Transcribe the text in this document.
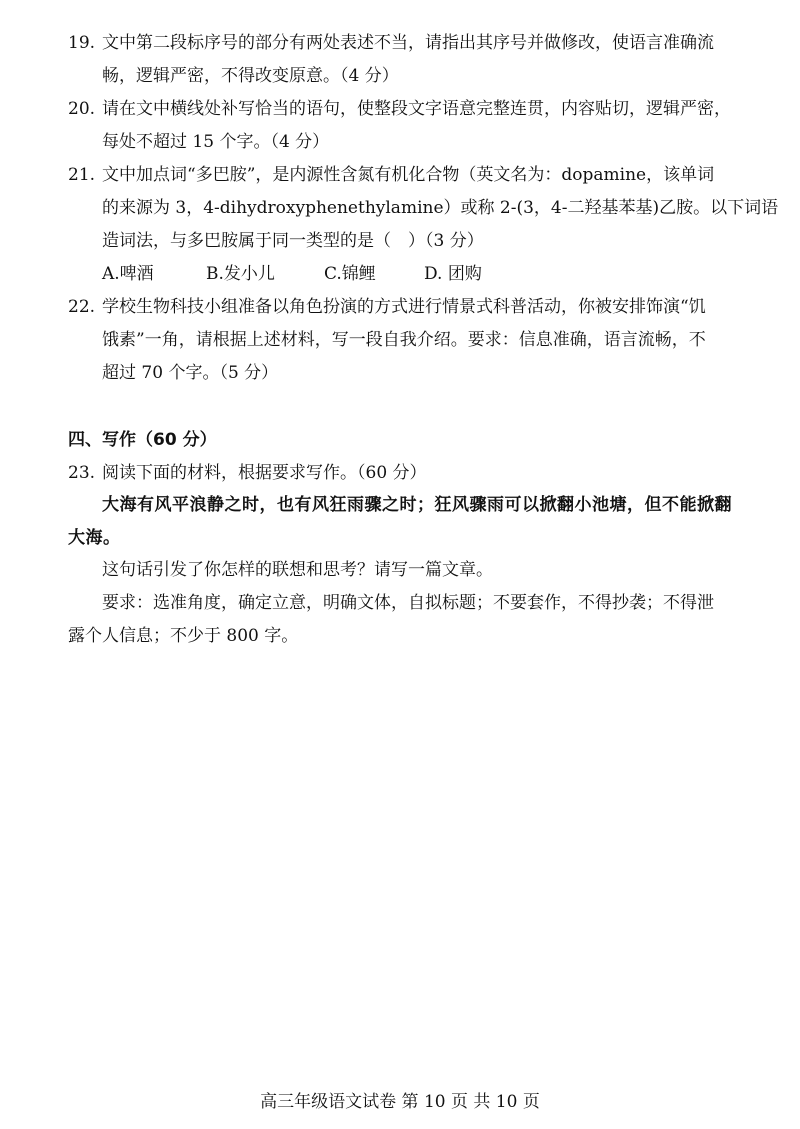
19. 文中第二段标序号的部分有两处表述不当，请指出其序号并做修改，使语言准确流
畅，逻辑严密，不得改变原意。（4 分）
20. 请在文中横线处补写恰当的语句，使整段文字语意完整连贯，内容贴切，逻辑严密，
每处不超过 15 个字。（4 分）
21. 文中加点词“多巴胺”，是内源性含氮有机化合物（英文名为：dopamine，该单词
的来源为 3，4-dihydroxyphenethylamine）或称 2-(3，4-二羟基苯基)乙胺。以下词语
造词法，与多巴胺属于同一类型的是（　）（3 分）
A.啤酒	B.发小儿	C.锦鲤	D. 团购
22. 学校生物科技小组准备以角色扮演的方式进行情景式科普活动，你被安排饰演“饥
饿素”一角，请根据上述材料，写一段自我介绍。要求：信息准确，语言流畅，不
超过 70 个字。（5 分）
四、写作（60 分）
23. 阅读下面的材料，根据要求写作。（60 分）
大海有风平浪静之时，也有风狂雨骤之时；狂风骤雨可以掀翻小池塘，但不能掀翻
大海。
这句话引发了你怎样的联想和思考？请写一篇文章。
要求：选准角度，确定立意，明确文体，自拟标题；不要套作，不得抄袭；不得泄
露个人信息；不少于 800 字。
高三年级语文试卷 第 10 页 共 10 页
